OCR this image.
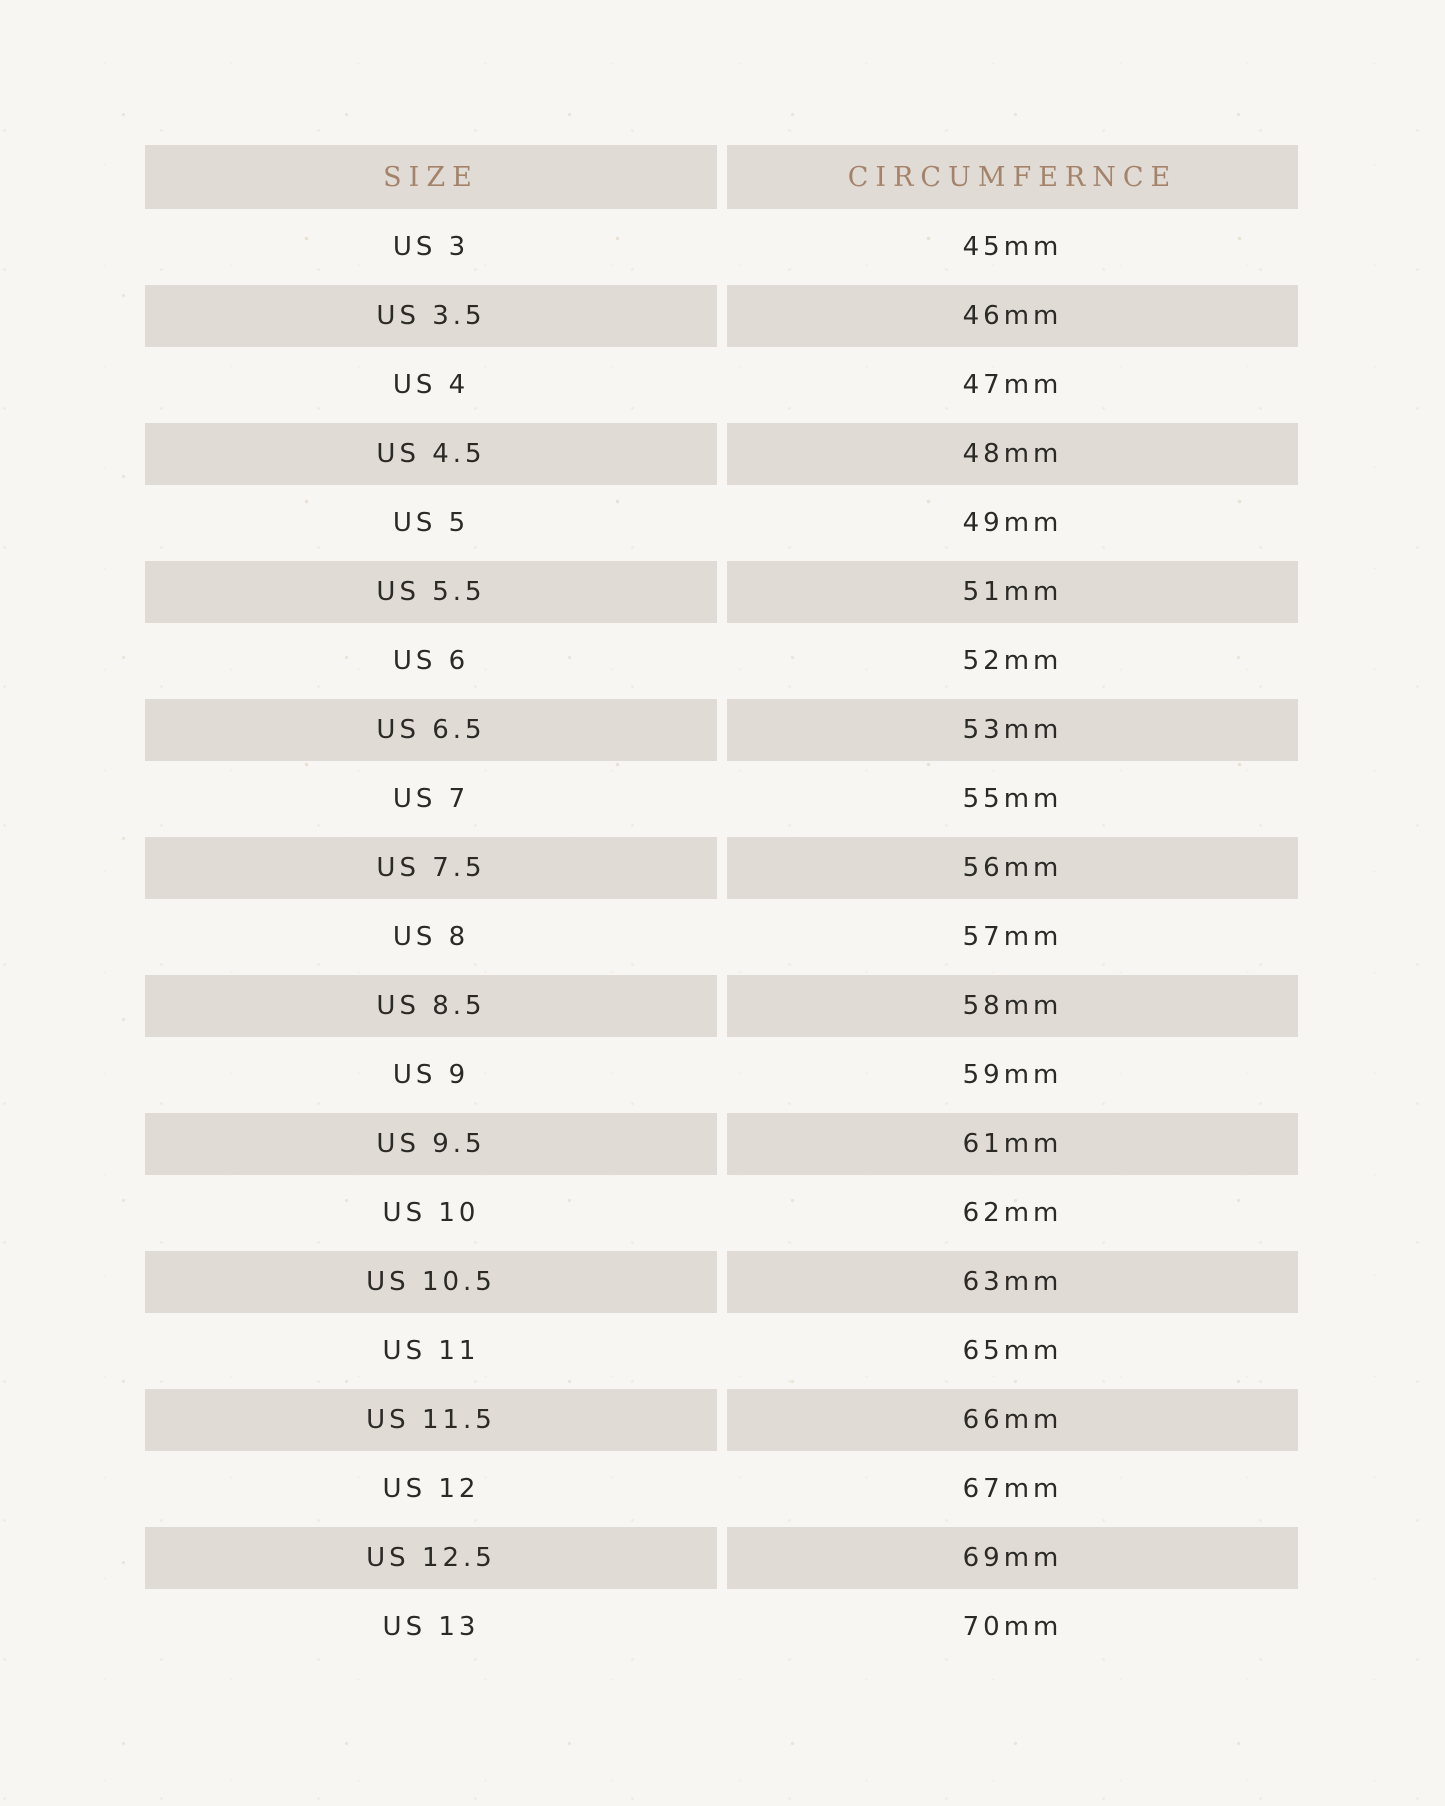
SIZE	CIRCUMFERNCE
US 3	45mm
US 3.5	46mm
US 4	47mm
US 4.5	48mm
US 5	49mm
US 5.5	51mm
US 6	52mm
US 6.5	53mm
US 7	55mm
US 7.5	56mm
US 8	57mm
US 8.5	58mm
US 9	59mm
US 9.5	61mm
US 10	62mm
US 10.5	63mm
US 11	65mm
US 11.5	66mm
US 12	67mm
US 12.5	69mm
US 13	70mm
